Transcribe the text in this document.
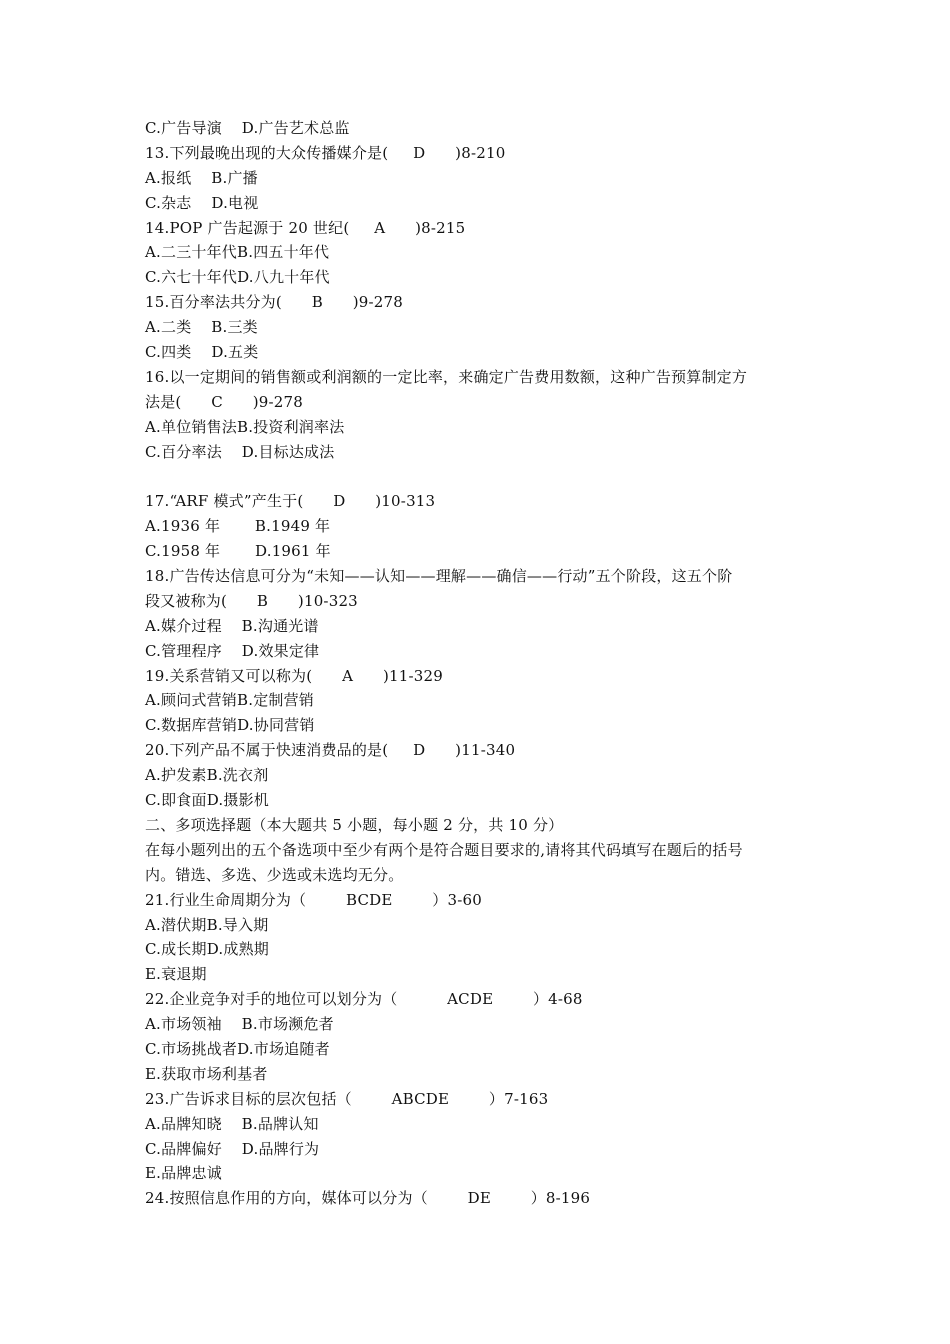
C.广告导演    D.广告艺术总监
13.下列最晚出现的大众传播媒介是(     D      )8-210
A.报纸    B.广播
C.杂志    D.电视
14.POP 广告起源于 20 世纪(     A      )8-215
A.二三十年代B.四五十年代
C.六七十年代D.八九十年代
15.百分率法共分为(      B      )9-278
A.二类    B.三类
C.四类    D.五类
16.以一定期间的销售额或利润额的一定比率，来确定广告费用数额，这种广告预算制定方
法是(      C      )9-278
A.单位销售法B.投资利润率法
C.百分率法    D.目标达成法
17.“ARF 模式”产生于(      D      )10-313
A.1936 年       B.1949 年
C.1958 年       D.1961 年
18.广告传达信息可分为“未知——认知——理解——确信——行动”五个阶段，这五个阶
段又被称为(      B      )10-323
A.媒介过程    B.沟通光谱
C.管理程序    D.效果定律
19.关系营销又可以称为(      A      )11-329
A.顾问式营销B.定制营销
C.数据库营销D.协同营销
20.下列产品不属于快速消费品的是(     D      )11-340
A.护发素B.洗衣剂
C.即食面D.摄影机
二、多项选择题（本大题共 5 小题，每小题 2 分，共 10 分）
在每小题列出的五个备选项中至少有两个是符合题目要求的,请将其代码填写在题后的括号
内。错选、多选、少选或未选均无分。
21.行业生命周期分为（        BCDE        ）3-60
A.潜伏期B.导入期
C.成长期D.成熟期
E.衰退期
22.企业竞争对手的地位可以划分为（          ACDE        ）4-68
A.市场领袖    B.市场濒危者
C.市场挑战者D.市场追随者
E.获取市场利基者
23.广告诉求目标的层次包括（        ABCDE        ）7-163
A.品牌知晓    B.品牌认知
C.品牌偏好    D.品牌行为
E.品牌忠诚
24.按照信息作用的方向，媒体可以分为（        DE        ）8-196
